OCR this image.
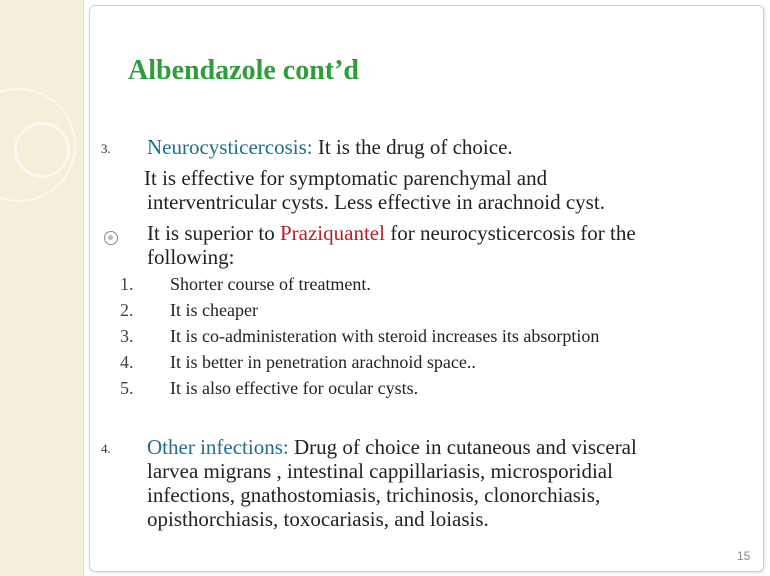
Albendazole cont’d
3. Neurocysticercosis: It is the drug of choice.
It is effective for symptomatic parenchymal and
interventricular cysts. Less effective in arachnoid cyst.
It is superior to Praziquantel for neurocysticercosis for the
following:
1. Shorter course of treatment.
2. It is cheaper
3. It is co-administeration with steroid increases its absorption
4. It is better in penetration arachnoid space..
5. It is also effective for ocular cysts.
4. Other infections: Drug of choice in cutaneous and visceral
larvea migrans , intestinal cappillariasis, microsporidial
infections, gnathostomiasis, trichinosis, clonorchiasis,
opisthorchiasis, toxocariasis, and loiasis.
15
